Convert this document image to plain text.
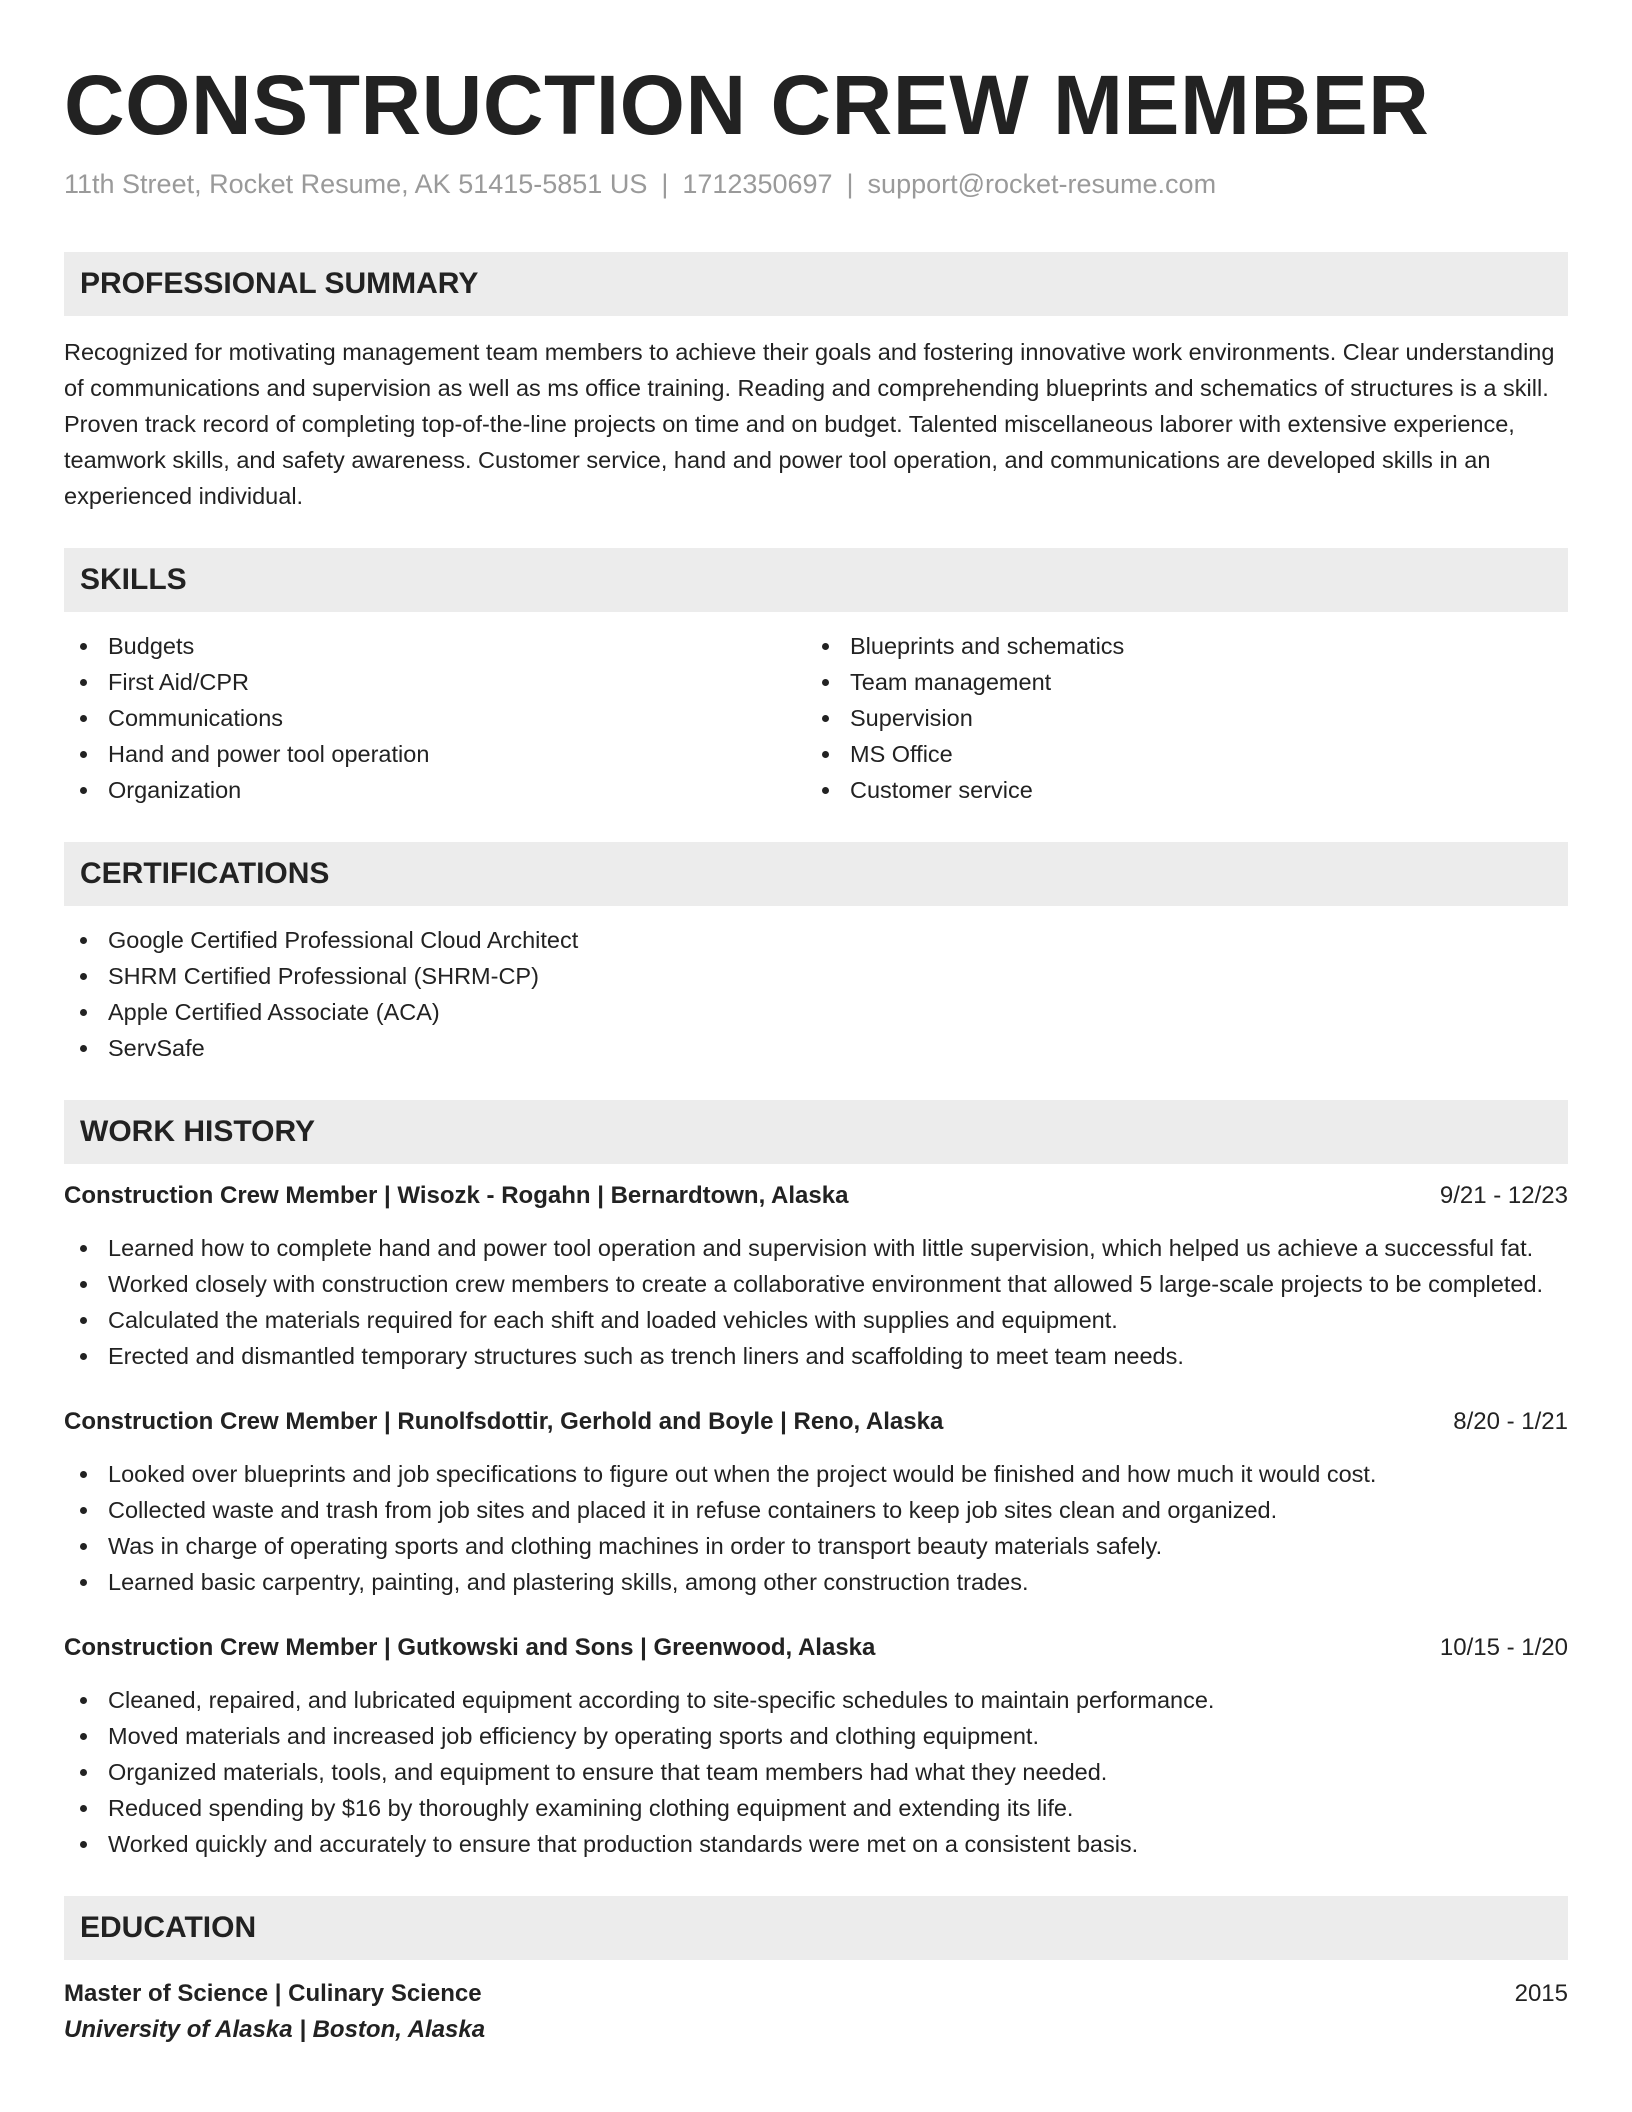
CONSTRUCTION CREW MEMBER
11th Street, Rocket Resume, AK 51415-5851 US | 1712350697 | support@rocket-resume.com
PROFESSIONAL SUMMARY

Recognized for motivating management team members to achieve their goals and fostering innovative work environments. Clear understanding of communications and supervision as well as ms office training. Reading and comprehending blueprints and schematics of structures is a skill. Proven track record of completing top-of-the-line projects on time and on budget. Talented miscellaneous laborer with extensive experience, teamwork skills, and safety awareness. Customer service, hand and power tool operation, and communications are developed skills in an experienced individual.

SKILLS
Budgets
First Aid/CPR
Communications
Hand and power tool operation
Organization
Blueprints and schematics
Team management
Supervision
MS Office
Customer service
CERTIFICATIONS
Google Certified Professional Cloud Architect
SHRM Certified Professional (SHRM-CP)
Apple Certified Associate (ACA)
ServSafe
WORK HISTORY
Construction Crew Member | Wisozk - Rogahn | Bernardtown, Alaska	9/21 - 12/23
Learned how to complete hand and power tool operation and supervision with little supervision, which helped us achieve a successful fat.
Worked closely with construction crew members to create a collaborative environment that allowed 5 large-scale projects to be completed.
Calculated the materials required for each shift and loaded vehicles with supplies and equipment.
Erected and dismantled temporary structures such as trench liners and scaffolding to meet team needs.
Construction Crew Member | Runolfsdottir, Gerhold and Boyle | Reno, Alaska	8/20 - 1/21
Looked over blueprints and job specifications to figure out when the project would be finished and how much it would cost.
Collected waste and trash from job sites and placed it in refuse containers to keep job sites clean and organized.
Was in charge of operating sports and clothing machines in order to transport beauty materials safely.
Learned basic carpentry, painting, and plastering skills, among other construction trades.
Construction Crew Member | Gutkowski and Sons | Greenwood, Alaska	10/15 - 1/20
Cleaned, repaired, and lubricated equipment according to site-specific schedules to maintain performance.
Moved materials and increased job efficiency by operating sports and clothing equipment.
Organized materials, tools, and equipment to ensure that team members had what they needed.
Reduced spending by $16 by thoroughly examining clothing equipment and extending its life.
Worked quickly and accurately to ensure that production standards were met on a consistent basis.
EDUCATION
Master of Science | Culinary Science	2015
University of Alaska | Boston, Alaska
